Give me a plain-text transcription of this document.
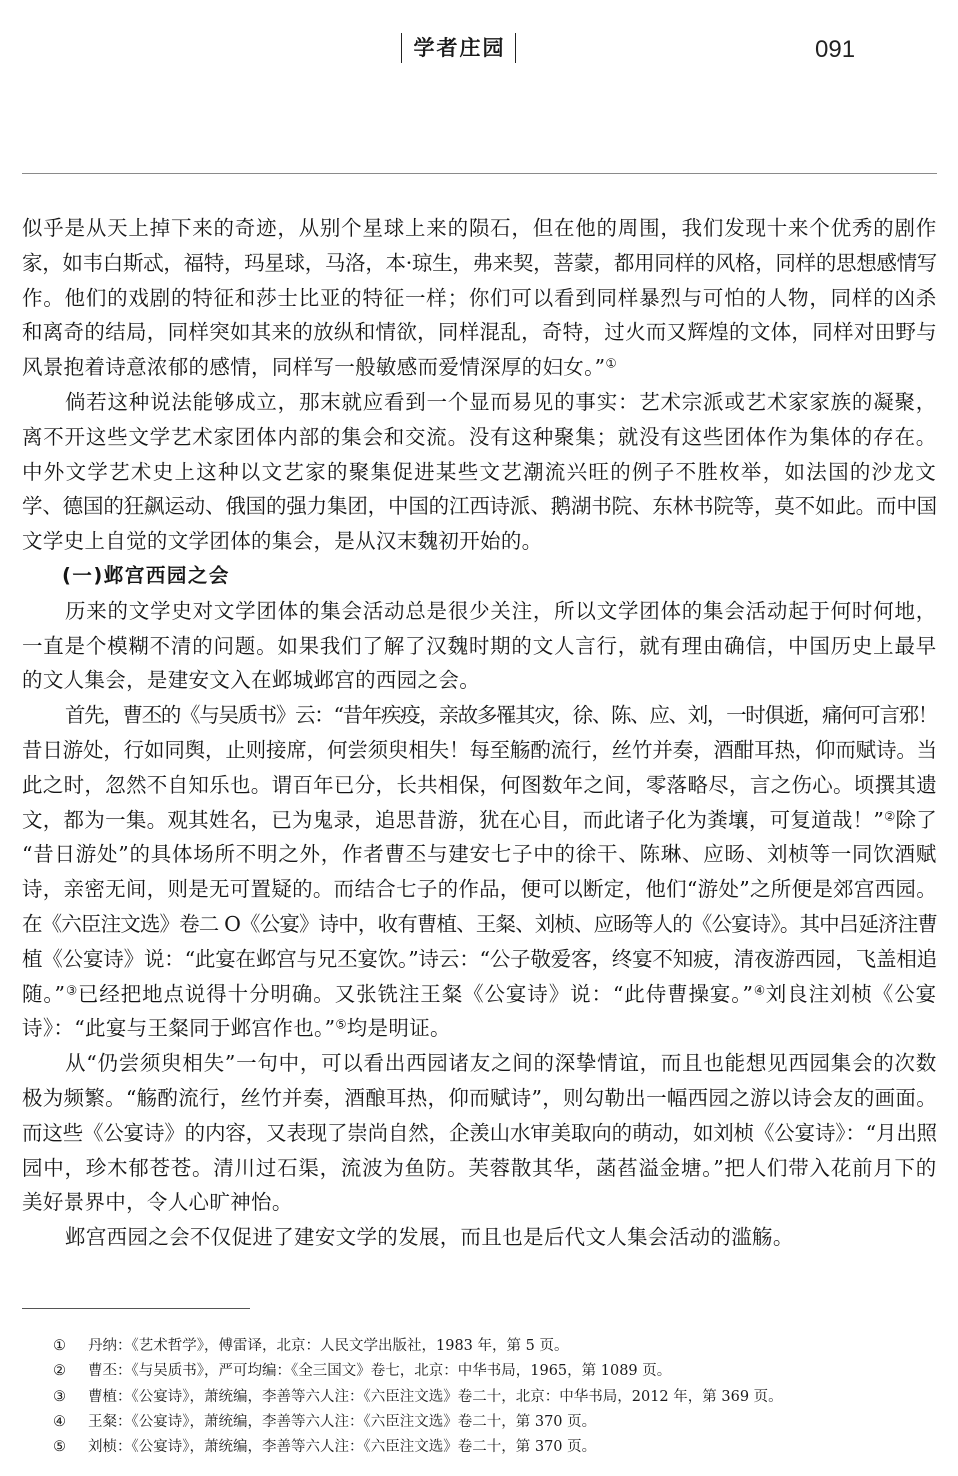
学者庄园	091
似乎是从天上掉下来的奇迹，从别个星球上来的陨石，但在他的周围，我们发现十来个优秀的剧作
家，如韦白斯忒，福特，玛星球，马洛，本·琼生，弗来契，菩蒙，都用同样的风格，同样的思想感情写
作。他们的戏剧的特征和莎士比亚的特征一样；你们可以看到同样暴烈与可怕的人物，同样的凶杀
和离奇的结局，同样突如其来的放纵和情欲，同样混乱，奇特，过火而又辉煌的文体，同样对田野与
风景抱着诗意浓郁的感情，同样写一般敏感而爱情深厚的妇女。”①
倘若这种说法能够成立，那末就应看到一个显而易见的事实：艺术宗派或艺术家家族的凝聚，
离不开这些文学艺术家团体内部的集会和交流。没有这种聚集；就没有这些团体作为集体的存在。
中外文学艺术史上这种以文艺家的聚集促进某些文艺潮流兴旺的例子不胜枚举，如法国的沙龙文
学、德国的狂飙运动、俄国的强力集团，中国的江西诗派、鹅湖书院、东林书院等，莫不如此。而中国
文学史上自觉的文学团体的集会，是从汉末魏初开始的。
(一)邺宫西园之会
历来的文学史对文学团体的集会活动总是很少关注，所以文学团体的集会活动起于何时何地，
一直是个模糊不清的问题。如果我们了解了汉魏时期的文人言行，就有理由确信，中国历史上最早
的文人集会，是建安文入在邺城邺宫的西园之会。
首先，曹丕的《与吴质书》云：“昔年疾疫，亲故多罹其灾，徐、陈、应、刘，一时俱逝，痛何可言邪！
昔日游处，行如同舆，止则接席，何尝须臾相失！每至觞酌流行，丝竹并奏，酒酣耳热，仰而赋诗。当
此之时，忽然不自知乐也。谓百年已分，长共相保，何图数年之间，零落略尽，言之伤心。顷撰其遗
文，都为一集。观其姓名，已为鬼录，追思昔游，犹在心目，而此诸子化为粪壤，可复道哉！”②除了
“昔日游处”的具体场所不明之外，作者曹丕与建安七子中的徐干、陈琳、应旸、刘桢等一同饮酒赋
诗，亲密无间，则是无可置疑的。而结合七子的作品，便可以断定，他们“游处”之所便是郊宫西园。
在《六臣注文选》卷二 O《公宴》诗中，收有曹植、王粲、刘桢、应旸等人的《公宴诗》。其中吕延济注曹
植《公宴诗》说：“此宴在邺宫与兄丕宴饮。”诗云：“公子敬爱客，终宴不知疲，清夜游西园，飞盖相追
随。”③已经把地点说得十分明确。又张铣注王粲《公宴诗》说：“此侍曹操宴。”④刘良注刘桢《公宴
诗》：“此宴与王粲同于邺宫作也。”⑤均是明证。
从“仍尝须臾相失”一句中，可以看出西园诸友之间的深挚情谊，而且也能想见西园集会的次数
极为频繁。“觞酌流行，丝竹并奏，酒酿耳热，仰而赋诗”，则勾勒出一幅西园之游以诗会友的画面。
而这些《公宴诗》的内容，又表现了崇尚自然，企羡山水审美取向的萌动，如刘桢《公宴诗》：“月出照
园中，珍木郁苍苍。清川过石渠，流波为鱼防。芙蓉散其华，菡萏溢金塘。”把人们带入花前月下的
美好景界中，令人心旷神怡。
邺宫西园之会不仅促进了建安文学的发展，而且也是后代文人集会活动的滥觞。
①	丹纳：《艺术哲学》，傅雷译，北京：人民文学出版社，1983 年，第 5 页。
②	曹丕：《与吴质书》，严可均编：《全三国文》卷七，北京：中华书局，1965，第 1089 页。
③	曹植：《公宴诗》，萧统编，李善等六人注：《六臣注文选》卷二十，北京：中华书局，2012 年，第 369 页。
④	王粲：《公宴诗》，萧统编，李善等六人注：《六臣注文选》卷二十，第 370 页。
⑤	刘桢：《公宴诗》，萧统编，李善等六人注：《六臣注文选》卷二十，第 370 页。
